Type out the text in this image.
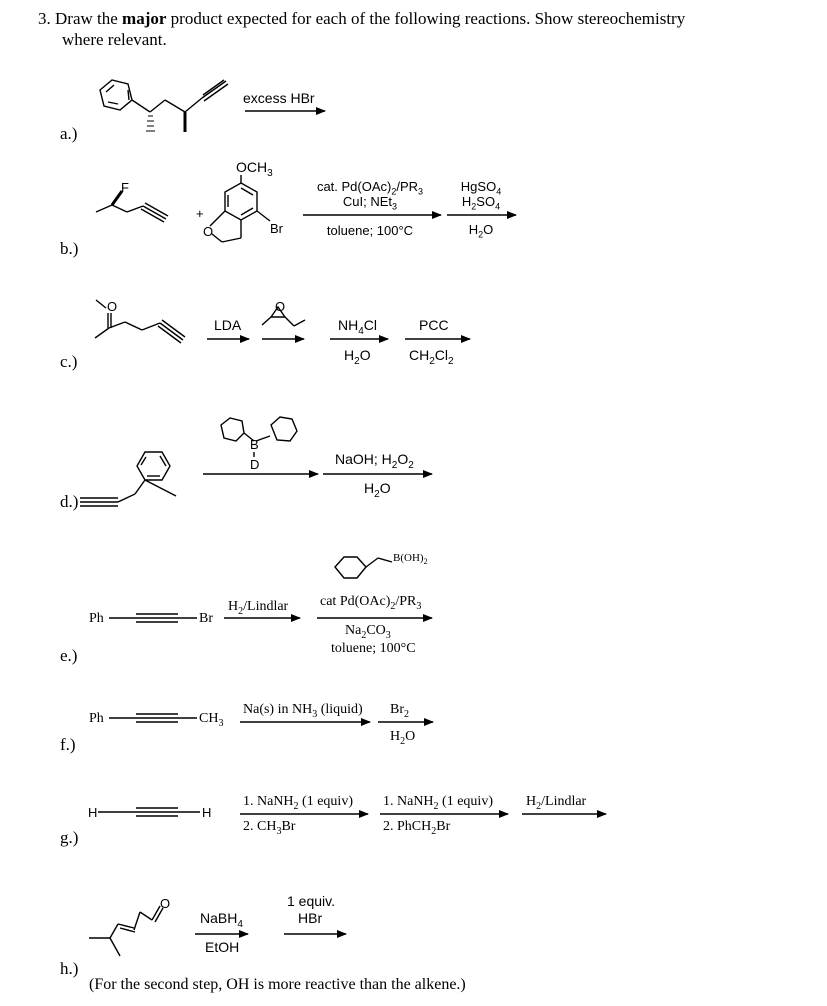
3. Draw the major product expected for each of the following reactions. Show stereochemistry
where relevant.
a.)
b.)
c.)
d.)
e.)
f.)
g.)
h.)
excess HBr
F
+
$OCH_3$
O	Br
cat. $Pd(OAc)_2/PR_3$
CuI; NEt$_3$
toluene; 100°C
HgSO$_4$
$H_2SO_4$
$H_2O$
O	O
LDA	$NH_4Cl$
$H_2O$
PCC
$CH_2Cl_2$
B
D	NaOH; $H_2O_2$
$H_2O$
Ph	Br
$H_2$/Lindlar
$B(OH)_2$
cat $Pd(OAc)_2/PR_3$
$Na_2CO_3$
toluene; 100°C
Ph	$CH_3$
Na(s) in $NH_3$ (liquid) $Br_2$
$H_2O$
H	H
1. NaNH$_2$ (1 equiv)
2. $CH_3Br$
1. NaNH$_2$ (1 equiv)
2. PhCH$_2$Br
$H_2$/Lindlar
O
NaBH$_4$
EtOH
1 equiv.
HBr
(For the second step, OH is more reactive than the alkene.)
